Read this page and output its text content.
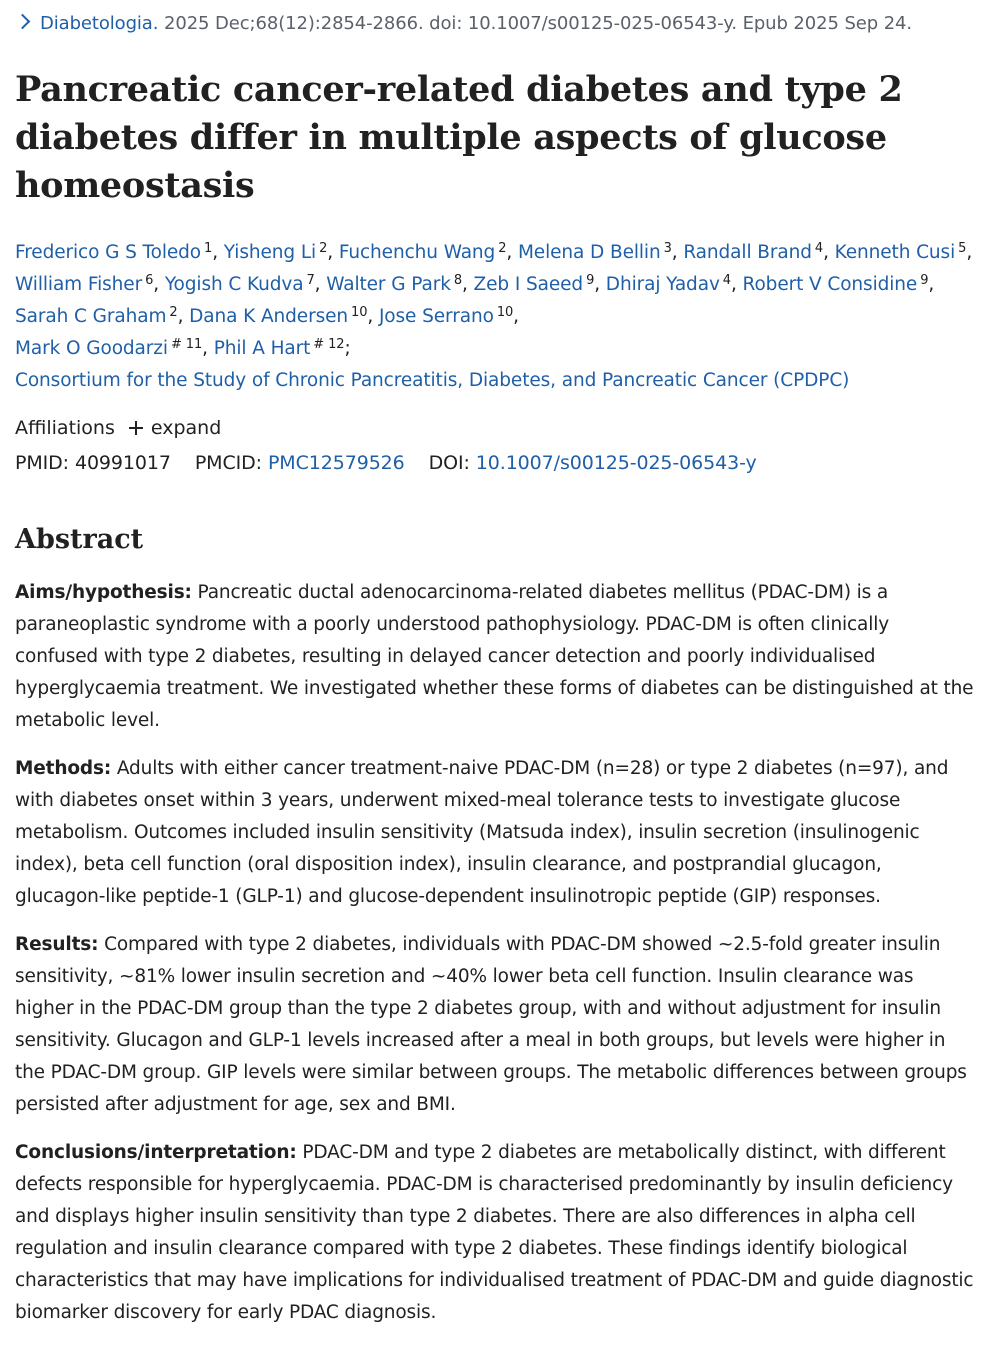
Diabetologia. 2025 Dec;68(12):2854-2866. doi: 10.1007/s00125-025-06543-y. Epub 2025 Sep 24.
Pancreatic cancer-related diabetes and type 2 diabetes differ in multiple aspects of glucose homeostasis
Frederico G S Toledo $^1$, Yisheng Li $^2$, Fuchenchu Wang $^2$, Melena D Bellin $^3$, Randall Brand $^4$, Kenneth Cusi $^5$, William Fisher $^6$, Yogish C Kudva $^7$, Walter G Park $^8$, Zeb I Saeed $^9$, Dhiraj Yadav $^4$, Robert V Considine $^9$, Sarah C Graham $^2$, Dana K Andersen $^{10}$, Jose Serrano $^{10}$,
Mark O Goodarzi $^{\# 11}$, Phil A Hart $^{\# 12}$;
Consortium for the Study of Chronic Pancreatitis, Diabetes, and Pancreatic Cancer (CPDPC)
Affiliations expand
PMID: 40991017 PMCID: PMC12579526 DOI: 10.1007/s00125-025-06543-y
Abstract

Aims/hypothesis: Pancreatic ductal adenocarcinoma-related diabetes mellitus (PDAC-DM) is a paraneoplastic syndrome with a poorly understood pathophysiology. PDAC-DM is often clinically confused with type 2 diabetes, resulting in delayed cancer detection and poorly individualised hyperglycaemia treatment. We investigated whether these forms of diabetes can be distinguished at the metabolic level.

Methods: Adults with either cancer treatment-naive PDAC-DM (n=28) or type 2 diabetes (n=97), and with diabetes onset within 3 years, underwent mixed-meal tolerance tests to investigate glucose metabolism. Outcomes included insulin sensitivity (Matsuda index), insulin secretion (insulinogenic index), beta cell function (oral disposition index), insulin clearance, and postprandial glucagon, glucagon-like peptide-1 (GLP-1) and glucose-dependent insulinotropic peptide (GIP) responses.

Results: Compared with type 2 diabetes, individuals with PDAC-DM showed ~2.5-fold greater insulin sensitivity, ~81% lower insulin secretion and ~40% lower beta cell function. Insulin clearance was higher in the PDAC-DM group than the type 2 diabetes group, with and without adjustment for insulin sensitivity. Glucagon and GLP-1 levels increased after a meal in both groups, but levels were higher in the PDAC-DM group. GIP levels were similar between groups. The metabolic differences between groups persisted after adjustment for age, sex and BMI.

Conclusions/interpretation: PDAC-DM and type 2 diabetes are metabolically distinct, with different defects responsible for hyperglycaemia. PDAC-DM is characterised predominantly by insulin deficiency and displays higher insulin sensitivity than type 2 diabetes. There are also differences in alpha cell regulation and insulin clearance compared with type 2 diabetes. These findings identify biological characteristics that may have implications for individualised treatment of PDAC-DM and guide diagnostic biomarker discovery for early PDAC diagnosis.
